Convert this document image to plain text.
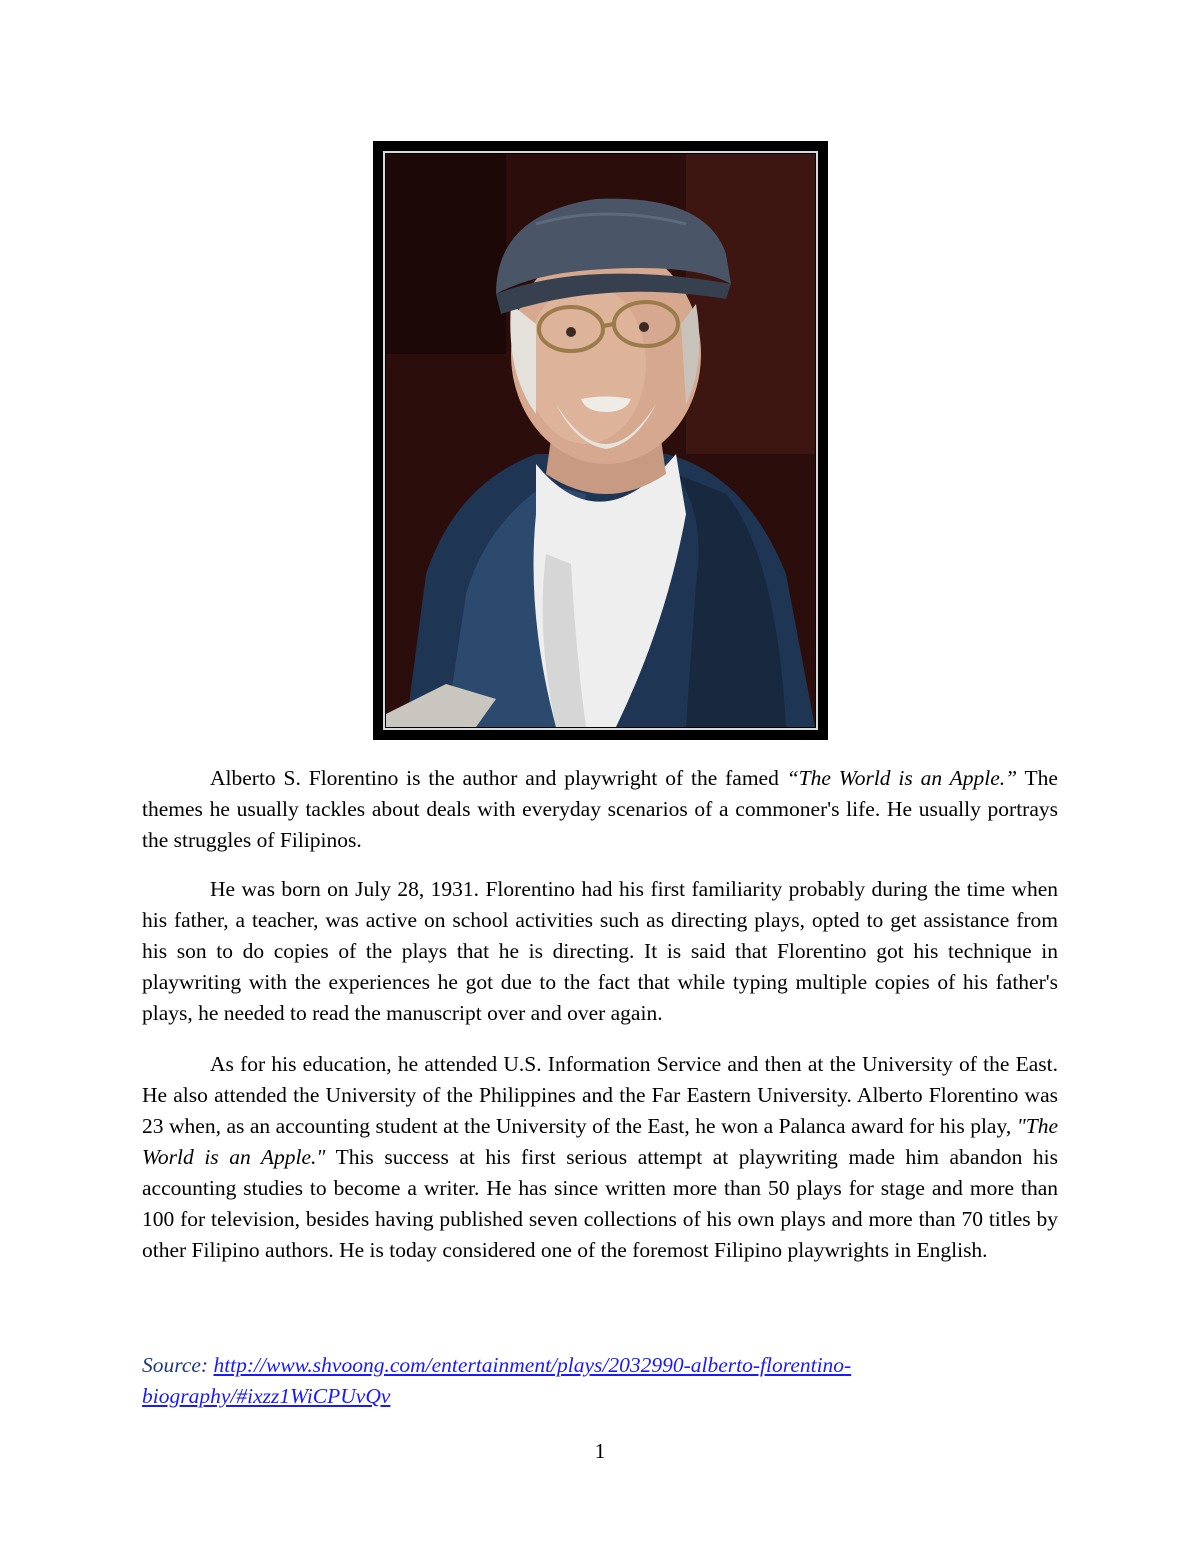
Alberto S. Florentino is the author and playwright of the famed “The World is an Apple.” The themes he usually tackles about deals with everyday scenarios of a commoner's life. He usually portrays the struggles of Filipinos.

He was born on July 28, 1931. Florentino had his first familiarity probably during the time when his father, a teacher, was active on school activities such as directing plays, opted to get assistance from his son to do copies of the plays that he is directing. It is said that Florentino got his technique in playwriting with the experiences he got due to the fact that while typing multiple copies of his father's plays, he needed to read the manuscript over and over again.

As for his education, he attended U.S. Information Service and then at the University of the East. He also attended the University of the Philippines and the Far Eastern University. Alberto Florentino was 23 when, as an accounting student at the University of the East, he won a Palanca award for his play, "The World is an Apple." This success at his first serious attempt at playwriting made him abandon his accounting studies to become a writer. He has since written more than 50 plays for stage and more than 100 for television, besides having published seven collections of his own plays and more than 70 titles by other Filipino authors. He is today considered one of the foremost Filipino playwrights in English.

Source: http://www.shvoong.com/entertainment/plays/2032990-alberto-florentino-biography/#ixzz1WiCPUvQv

1
